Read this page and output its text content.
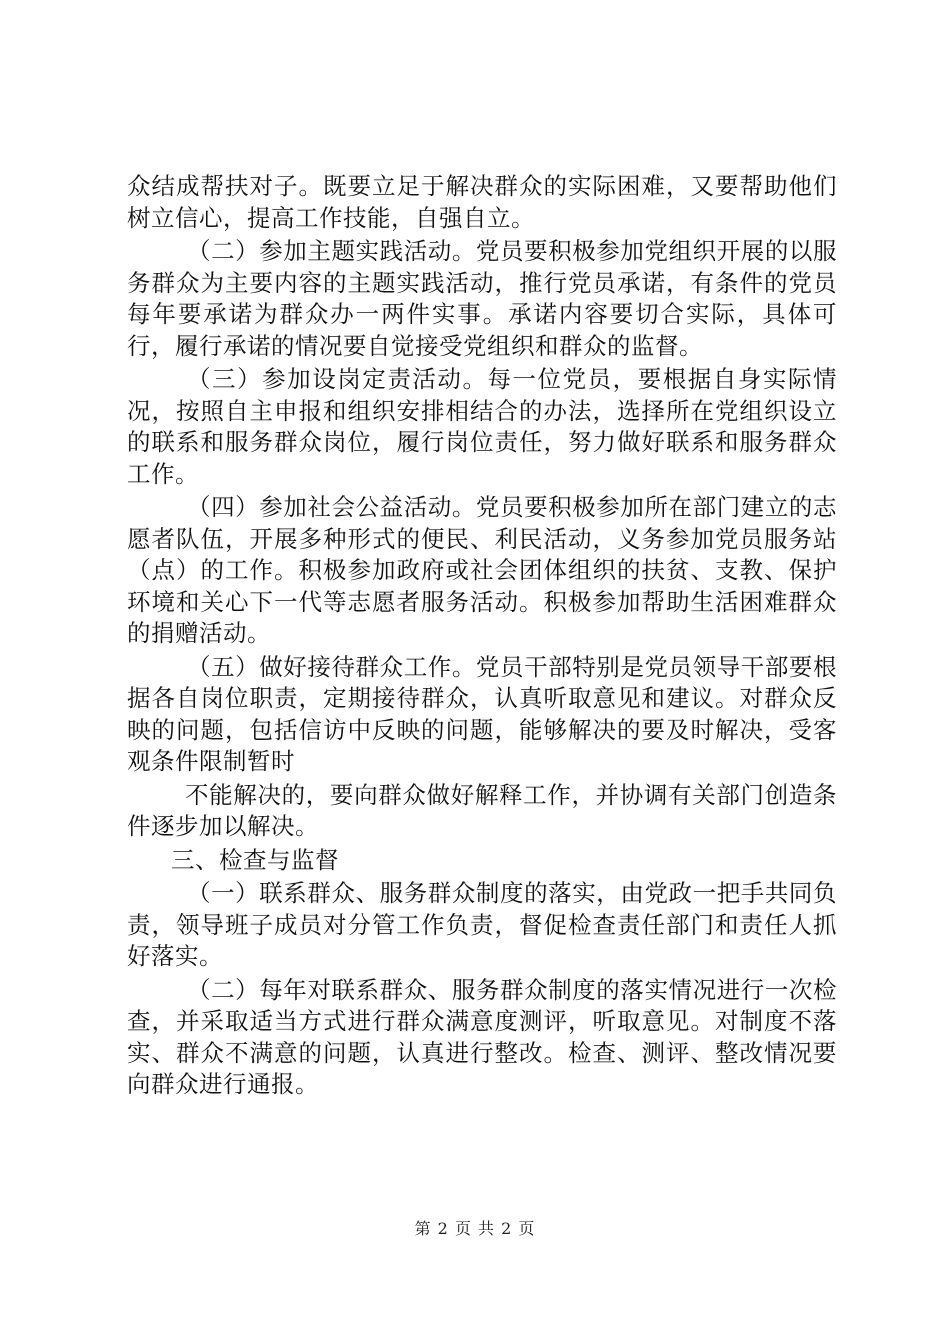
众结成帮扶对子。既要立足于解决群众的实际困难，又要帮助他们树立信心，提高工作技能，自强自立。

（二）参加主题实践活动。党员要积极参加党组织开展的以服务群众为主要内容的主题实践活动，推行党员承诺，有条件的党员每年要承诺为群众办一两件实事。承诺内容要切合实际，具体可行，履行承诺的情况要自觉接受党组织和群众的监督。

（三）参加设岗定责活动。每一位党员，要根据自身实际情况，按照自主申报和组织安排相结合的办法，选择所在党组织设立的联系和服务群众岗位，履行岗位责任，努力做好联系和服务群众工作。

（四）参加社会公益活动。党员要积极参加所在部门建立的志愿者队伍，开展多种形式的便民、利民活动，义务参加党员服务站（点）的工作。积极参加政府或社会团体组织的扶贫、支教、保护环境和关心下一代等志愿者服务活动。积极参加帮助生活困难群众的捐赠活动。

（五）做好接待群众工作。党员干部特别是党员领导干部要根据各自岗位职责，定期接待群众，认真听取意见和建议。对群众反映的问题，包括信访中反映的问题，能够解决的要及时解决，受客观条件限制暂时

不能解决的，要向群众做好解释工作，并协调有关部门创造条件逐步加以解决。

三、检查与监督

（一）联系群众、服务群众制度的落实，由党政一把手共同负责，领导班子成员对分管工作负责，督促检查责任部门和责任人抓好落实。

（二）每年对联系群众、服务群众制度的落实情况进行一次检查，并采取适当方式进行群众满意度测评，听取意见。对制度不落实、群众不满意的问题，认真进行整改。检查、测评、整改情况要向群众进行通报。

第 2 页 共 2 页
